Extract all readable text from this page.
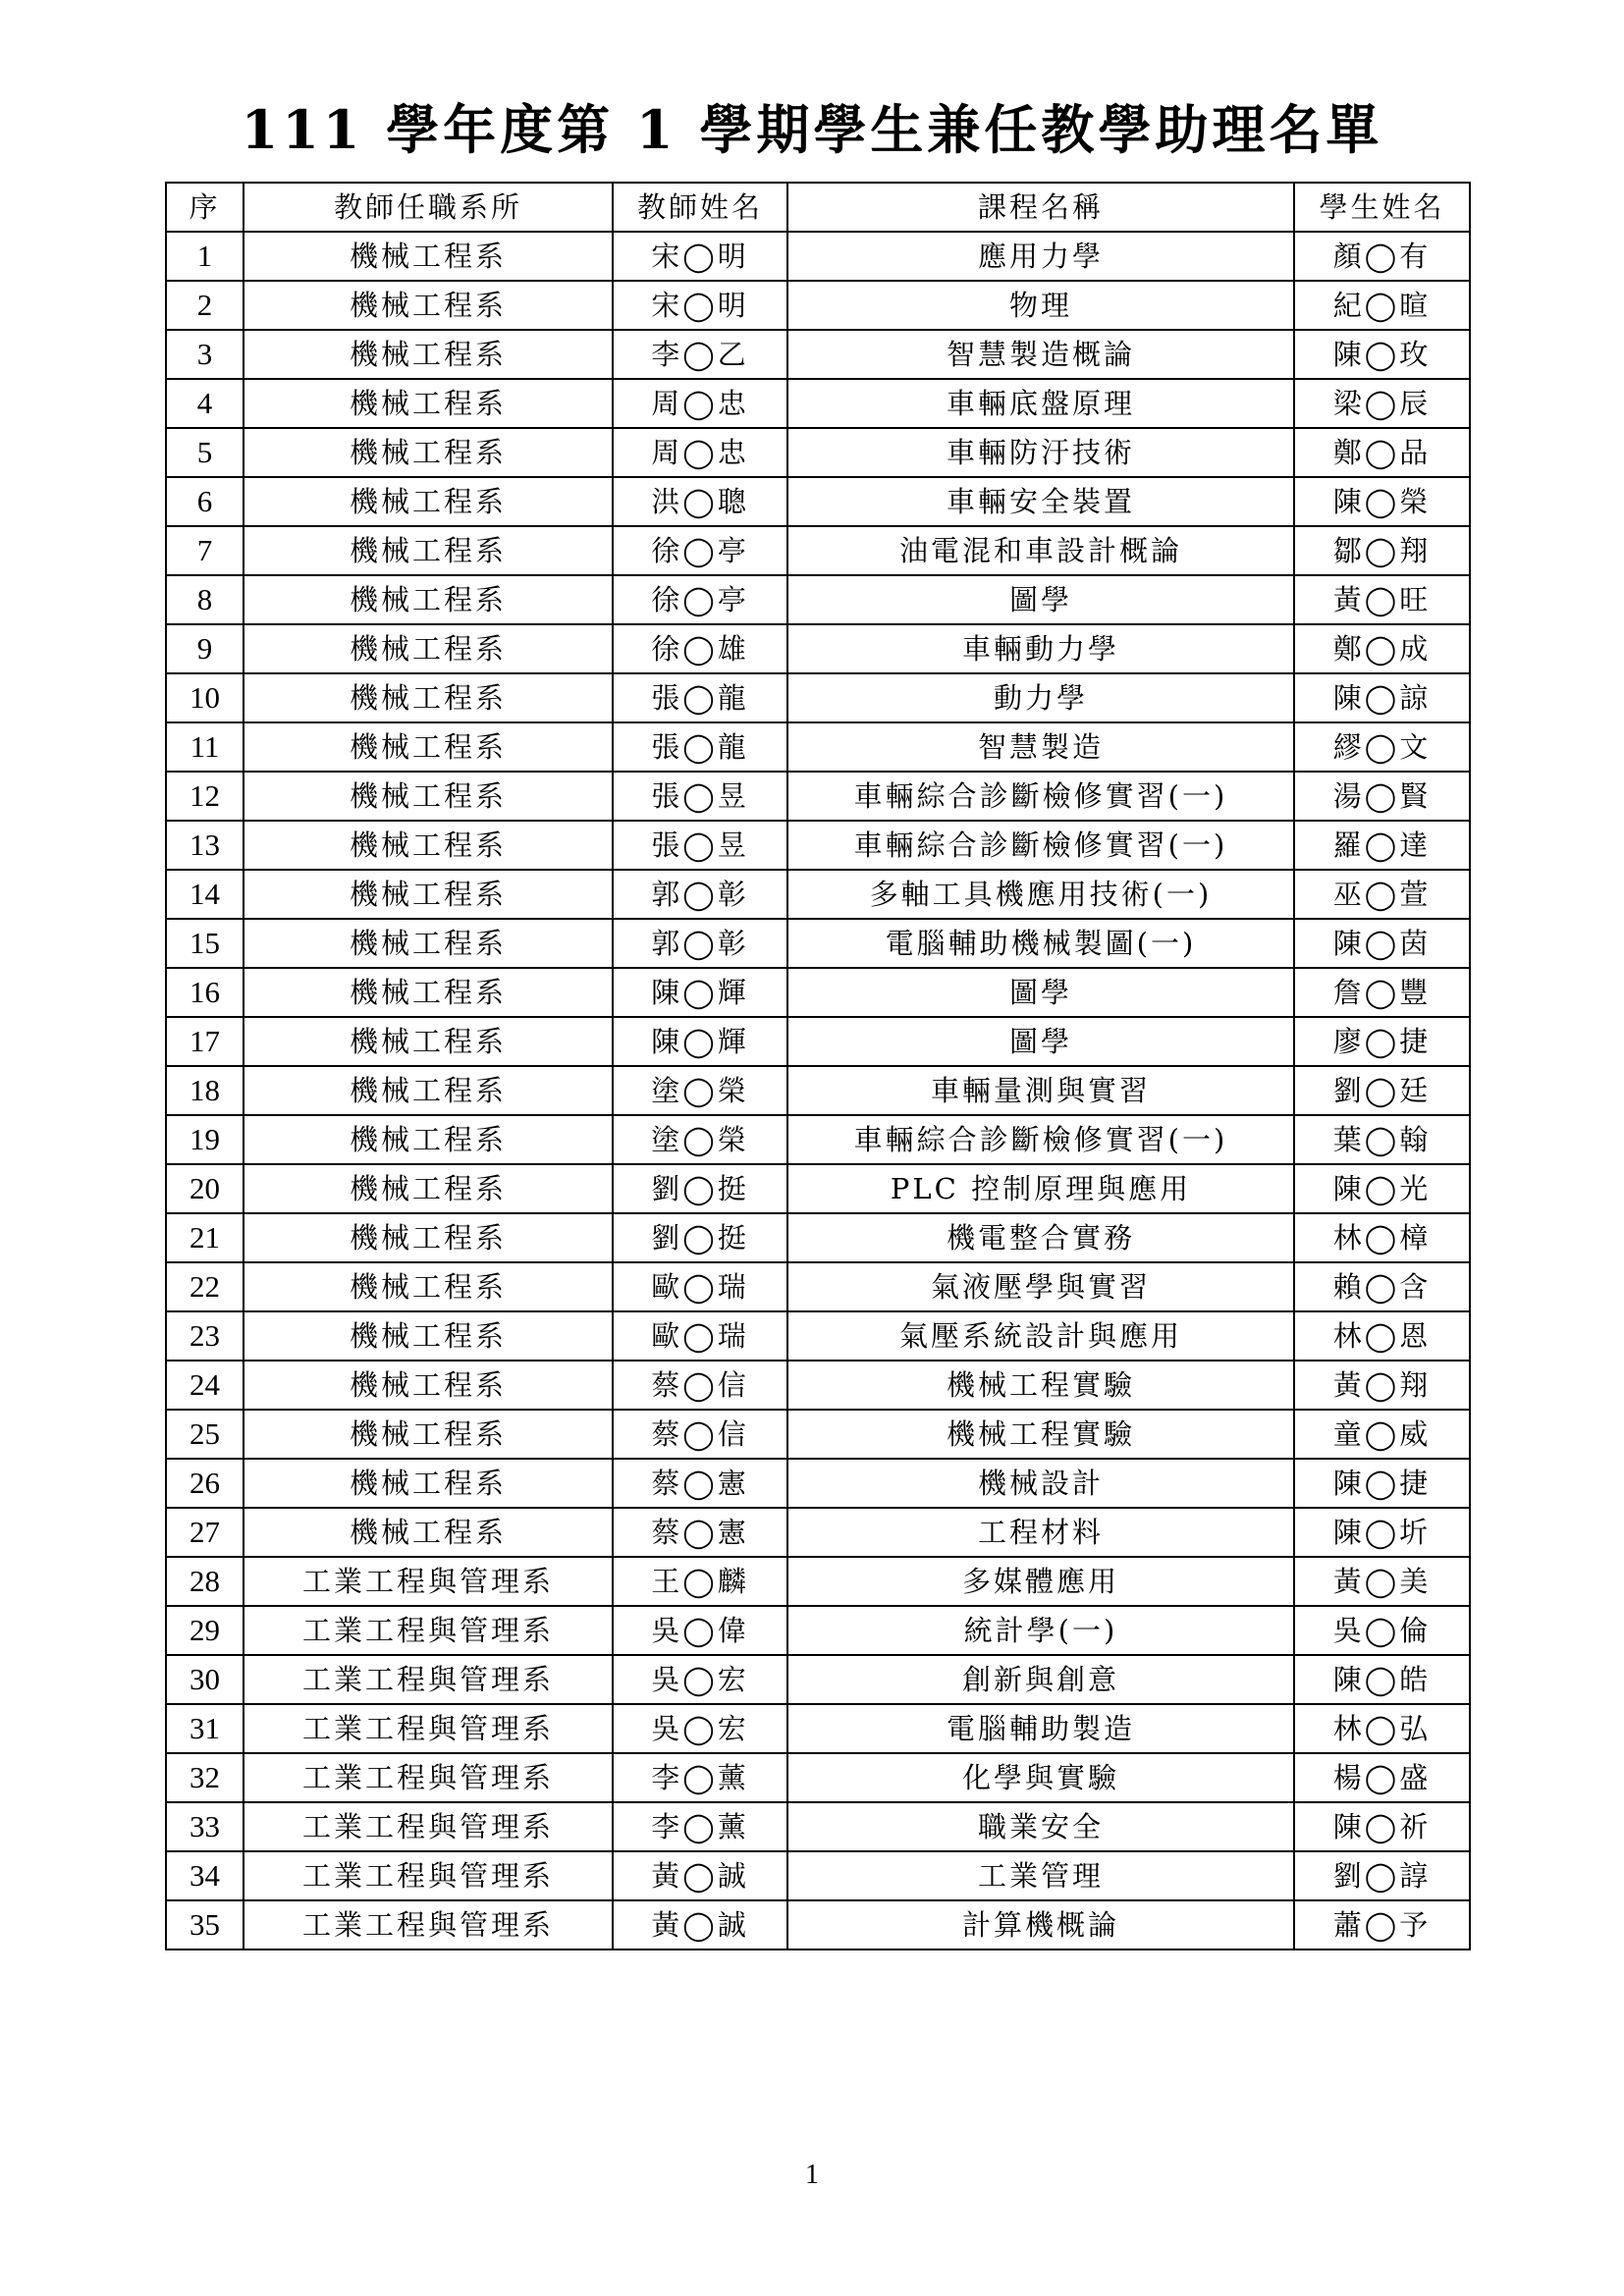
111 學年度第 1 學期學生兼任教學助理名單
序	教師任職系所	教師姓名	課程名稱	學生姓名
1	機械工程系	宋◯明	應用力學	顏◯有
2	機械工程系	宋◯明	物理	紀◯暄
3	機械工程系	李◯乙	智慧製造概論	陳◯玫
4	機械工程系	周◯忠	車輛底盤原理	梁◯辰
5	機械工程系	周◯忠	車輛防汙技術	鄭◯品
6	機械工程系	洪◯聰	車輛安全裝置	陳◯榮
7	機械工程系	徐◯亭	油電混和車設計概論	鄒◯翔
8	機械工程系	徐◯亭	圖學	黃◯旺
9	機械工程系	徐◯雄	車輛動力學	鄭◯成
10	機械工程系	張◯龍	動力學	陳◯諒
11	機械工程系	張◯龍	智慧製造	繆◯文
12	機械工程系	張◯昱	車輛綜合診斷檢修實習(一)	湯◯賢
13	機械工程系	張◯昱	車輛綜合診斷檢修實習(一)	羅◯達
14	機械工程系	郭◯彰	多軸工具機應用技術(一)	巫◯萱
15	機械工程系	郭◯彰	電腦輔助機械製圖(一)	陳◯茵
16	機械工程系	陳◯輝	圖學	詹◯豐
17	機械工程系	陳◯輝	圖學	廖◯捷
18	機械工程系	塗◯榮	車輛量測與實習	劉◯廷
19	機械工程系	塗◯榮	車輛綜合診斷檢修實習(一)	葉◯翰
20	機械工程系	劉◯挺	PLC 控制原理與應用	陳◯光
21	機械工程系	劉◯挺	機電整合實務	林◯樟
22	機械工程系	歐◯瑞	氣液壓學與實習	賴◯含
23	機械工程系	歐◯瑞	氣壓系統設計與應用	林◯恩
24	機械工程系	蔡◯信	機械工程實驗	黃◯翔
25	機械工程系	蔡◯信	機械工程實驗	童◯威
26	機械工程系	蔡◯憲	機械設計	陳◯捷
27	機械工程系	蔡◯憲	工程材料	陳◯圻
28	工業工程與管理系	王◯麟	多媒體應用	黃◯美
29	工業工程與管理系	吳◯偉	統計學(一)	吳◯倫
30	工業工程與管理系	吳◯宏	創新與創意	陳◯皓
31	工業工程與管理系	吳◯宏	電腦輔助製造	林◯弘
32	工業工程與管理系	李◯薰	化學與實驗	楊◯盛
33	工業工程與管理系	李◯薰	職業安全	陳◯祈
34	工業工程與管理系	黃◯誠	工業管理	劉◯諄
35	工業工程與管理系	黃◯誠	計算機概論	蕭◯予
1
